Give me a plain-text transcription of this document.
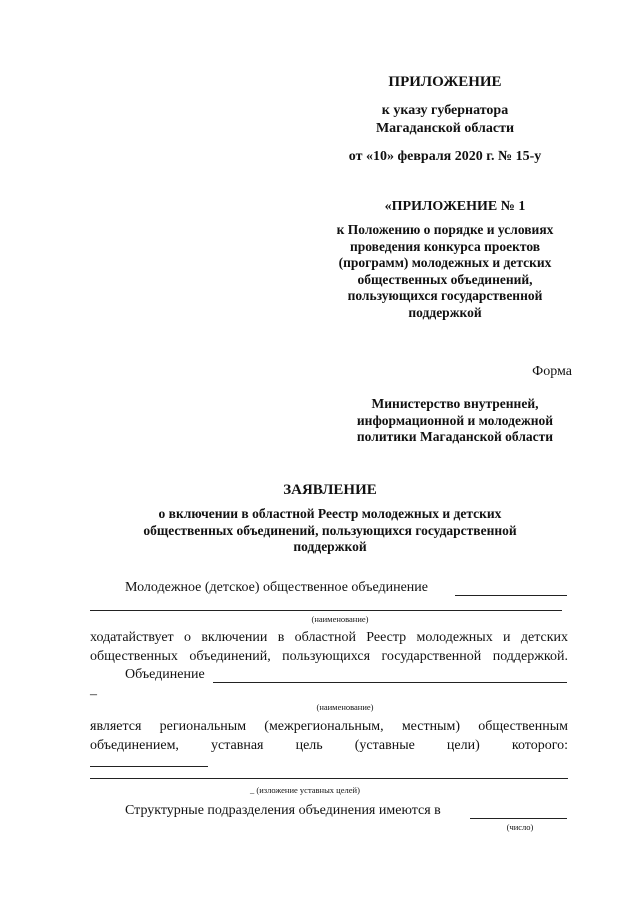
ПРИЛОЖЕНИЕ
к указу губернатора
Магаданской области
от «10» февраля 2020 г. № 15-у
«ПРИЛОЖЕНИЕ № 1
к Положению о порядке и условиях
проведения конкурса проектов
(программ) молодежных и детских
общественных объединений,
пользующихся государственной
поддержкой
Форма
Министерство внутренней,
информационной и молодежной
политики Магаданской области
ЗАЯВЛЕНИЕ
о включении в областной Реестр молодежных и детских
общественных объединений, пользующихся государственной
поддержкой
Молодежное (детское) общественное объединение
(наименование)
ходатайствует о включении в областной Реестр молодежных и детских
общественных объединений, пользующихся государственной поддержкой.
Объединение
–
(наименование)
является региональным (межрегиональным, местным) общественным
объединением, уставная цель (уставные цели) которого:
_ (изложение уставных целей)
Структурные подразделения объединения имеются в
(число)
